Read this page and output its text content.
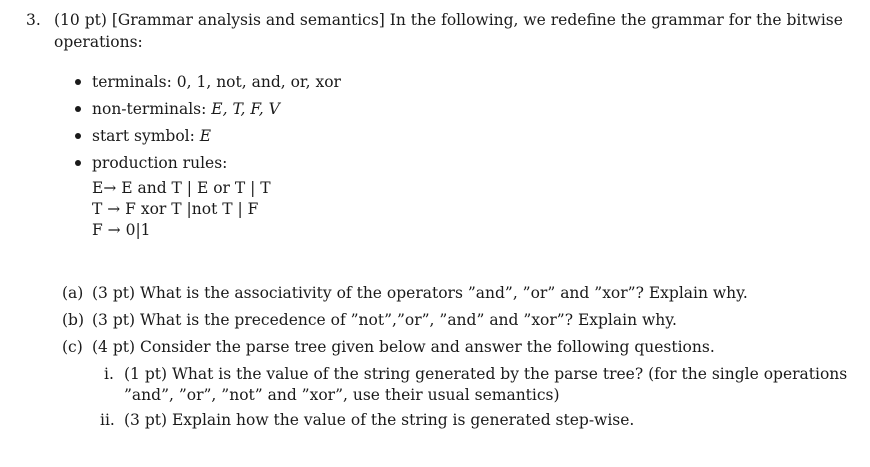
3. (10 pt) [Grammar analysis and semantics] In the following, we redefine the grammar for the bitwise
operations:
terminals: 0, 1, not, and, or, xor
non-terminals: E, T, F, V
start symbol: E
production rules:
E→ E and T | E or T | T
T → F xor T |not T | F
F → 0|1
(a) (3 pt) What is the associativity of the operators ”and”, ”or” and ”xor”? Explain why.
(b) (3 pt) What is the precedence of ”not”,”or”, ”and” and ”xor”? Explain why.
(c) (4 pt) Consider the parse tree given below and answer the following questions.
i. (1 pt) What is the value of the string generated by the parse tree? (for the single operations
”and”, ”or”, ”not” and ”xor”, use their usual semantics)
ii. (3 pt) Explain how the value of the string is generated step-wise.
